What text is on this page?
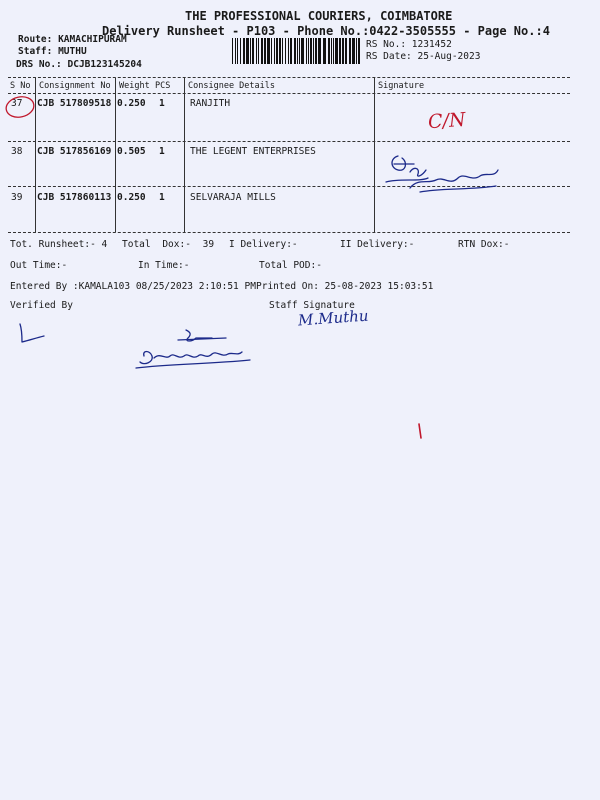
THE PROFESSIONAL COURIERS, COIMBATORE
Delivery Runsheet - P103 - Phone No.:0422-3505555 - Page No.:4
Route: KAMACHIPURAM
Staff: MUTHU
DRS No.: DCJB123145204
RS No.: 1231452
RS Date: 25-Aug-2023
S No Consignment No Weight PCS Consignee Details	Signature
37 CJB 517809518 0.250 1	RANJITH
38 CJB 517856169 0.505 1	THE LEGENT ENTERPRISES
39 CJB 517860113 0.250 1	SELVARAJA MILLS
C/N
Tot. Runsheet:- 4 Total Dox:- 39 I Delivery:-	II Delivery:-	RTN Dox:-
Out Time:-	In Time:-	Total POD:-
Entered By :KAMALA103 08/25/2023 2:10:51 PM Printed On: 25-08-2023 15:03:51
Verified By	Staff Signature
M.Muthu
